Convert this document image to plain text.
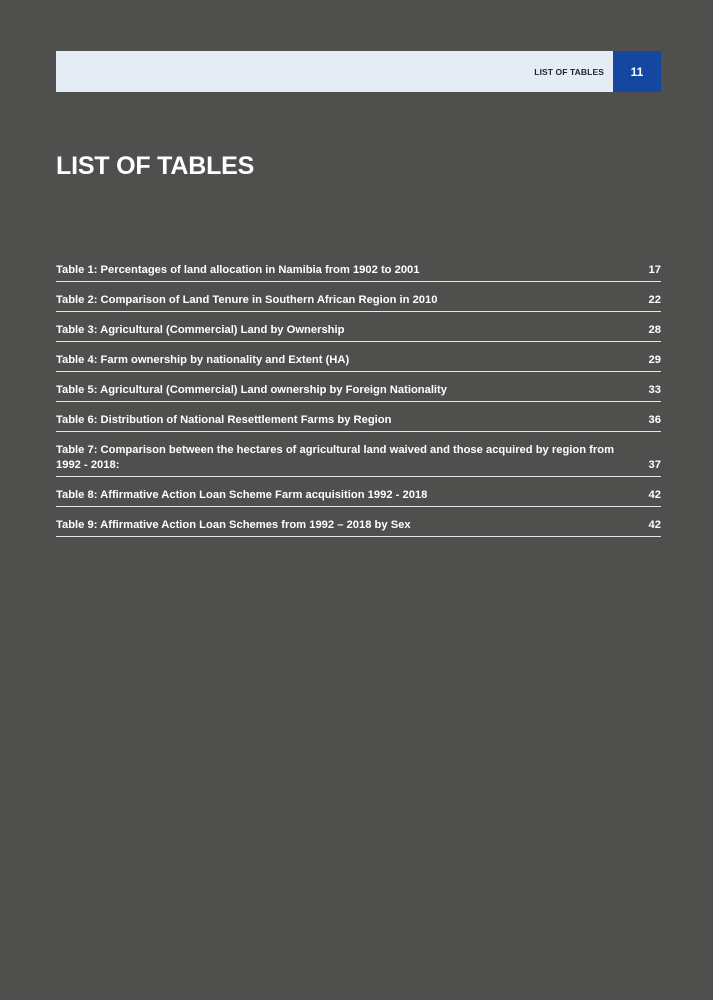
LIST OF TABLES	11
LIST OF TABLES
Table 1: Percentages of land allocation in Namibia from 1902 to 2001	17
Table 2: Comparison of Land Tenure in Southern African Region in 2010	22
Table 3: Agricultural (Commercial) Land by Ownership	28
Table 4: Farm ownership by nationality and Extent (HA)	29
Table 5: Agricultural (Commercial) Land ownership by Foreign Nationality	33
Table 6: Distribution of National Resettlement Farms by Region	36
Table 7: Comparison between the hectares of agricultural land waived and those acquired by region from 1992 - 2018:	37
Table 8: Affirmative Action Loan Scheme Farm acquisition 1992 - 2018	42
Table 9: Affirmative Action Loan Schemes from 1992 – 2018 by Sex	42
